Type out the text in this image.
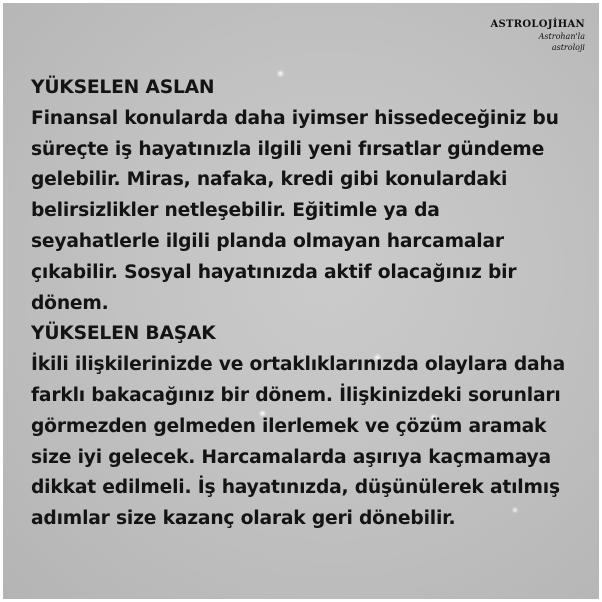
ASTROLOJİHAN
Astrohan'la
astroloji
YÜKSELEN ASLAN
Finansal konularda daha iyimser hissedeceğiniz bu
süreçte iş hayatınızla ilgili yeni fırsatlar gündeme
gelebilir. Miras, nafaka, kredi gibi konulardaki
belirsizlikler netleşebilir. Eğitimle ya da
seyahatlerle ilgili planda olmayan harcamalar
çıkabilir. Sosyal hayatınızda aktif olacağınız bir
dönem.
YÜKSELEN BAŞAK
İkili ilişkilerinizde ve ortaklıklarınızda olaylara daha
farklı bakacağınız bir dönem. İlişkinizdeki sorunları
görmezden gelmeden ilerlemek ve çözüm aramak
size iyi gelecek. Harcamalarda aşırıya kaçmamaya
dikkat edilmeli. İş hayatınızda, düşünülerek atılmış
adımlar size kazanç olarak geri dönebilir.
